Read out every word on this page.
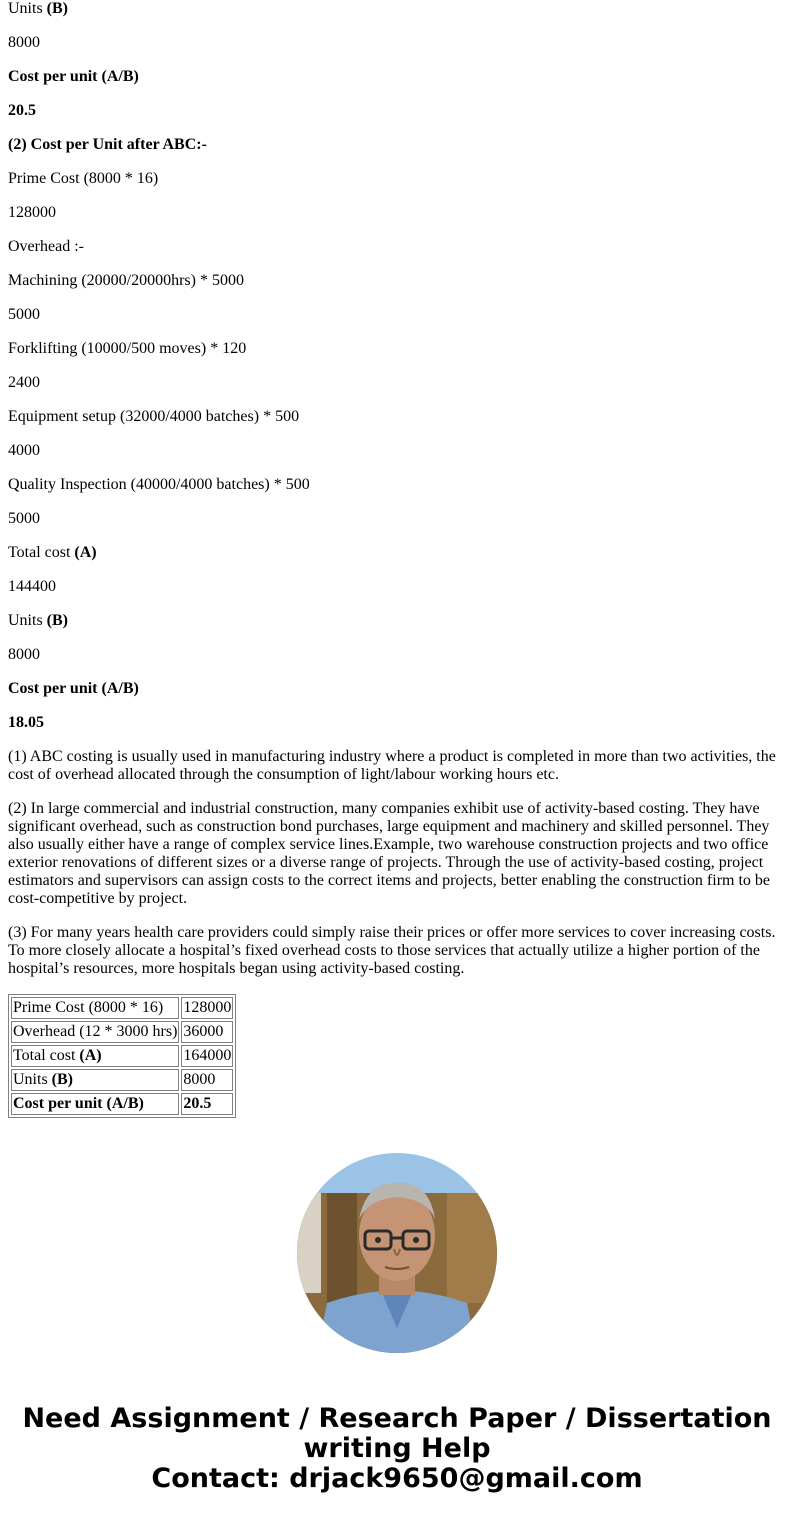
Units (B)
8000
Cost per unit (A/B)
20.5
(2) Cost per Unit after ABC:-
Prime Cost (8000 * 16)
128000
Overhead :-
Machining (20000/20000hrs) * 5000
5000
Forklifting (10000/500 moves) * 120
2400
Equipment setup (32000/4000 batches) * 500
4000
Quality Inspection (40000/4000 batches) * 500
5000
Total cost (A)
144400
Units (B)
8000
Cost per unit (A/B)
18.05

(1) ABC costing is usually used in manufacturing industry where a product is completed in more than two activities, the cost of overhead allocated through the consumption of light/labour working hours etc.

(2) In large commercial and industrial construction, many companies exhibit use of activity-based costing. They have significant overhead, such as construction bond purchases, large equipment and machinery and skilled personnel. They also usually either have a range of complex service lines.Example, two warehouse construction projects and two office exterior renovations of different sizes or a diverse range of projects. Through the use of activity-based costing, project estimators and supervisors can assign costs to the correct items and projects, better enabling the construction firm to be cost-competitive by project.

(3) For many years health care providers could simply raise their prices or offer more services to cover increasing costs. To more closely allocate a hospital’s fixed overhead costs to those services that actually utilize a higher portion of the hospital’s resources, more hospitals began using activity-based costing.

Prime Cost (8000 * 16)	128000
Overhead (12 * 3000 hrs)	36000
Total cost (A)	164000
Units (B)	8000
Cost per unit (A/B)	20.5
Need Assignment / Research Paper / Dissertation
writing Help
Contact: drjack9650@gmail.com
